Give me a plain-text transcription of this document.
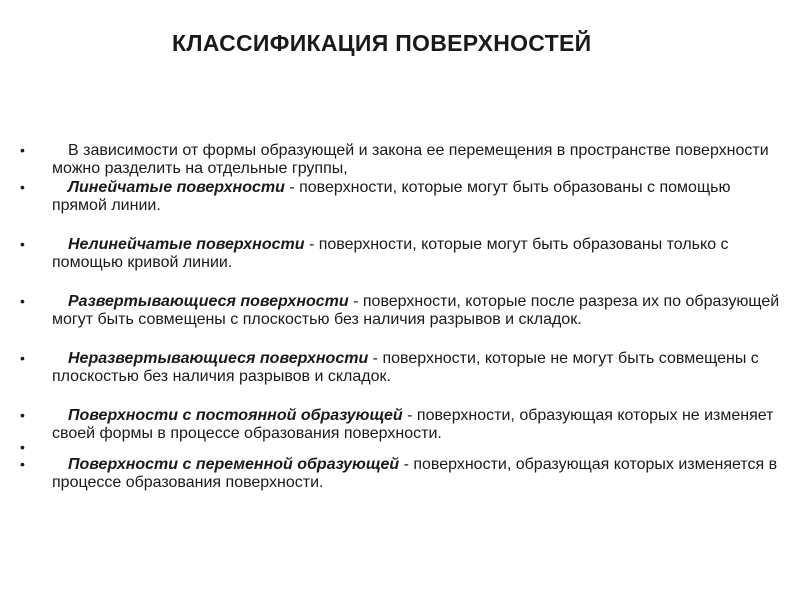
КЛАССИФИКАЦИЯ ПОВЕРХНОСТЕЙ
•	В зависимости от формы образующей и закона ее перемещения в пространстве поверхности можно разделить на отдельные группы,
•	Линейчатые поверхности - поверхности, которые могут быть образованы с помощью прямой линии.
•	Нелинейчатые поверхности - поверхности, которые могут быть образованы только с помощью кривой линии.
•	Развертывающиеся поверхности - поверхности, которые после разреза их по образующей могут быть совмещены с плоскостью без наличия разрывов и складок.
•	Неразвертывающиеся поверхности - поверхности, которые не могут быть совмещены с плоскостью без наличия разрывов и складок.
•	Поверхности с постоянной образующей - поверхности, образующая которых не изменяет своей формы в процессе образования поверхности.
•
•	Поверхности с переменной образующей - поверхности, образующая которых изменяется в процессе образования поверхности.
